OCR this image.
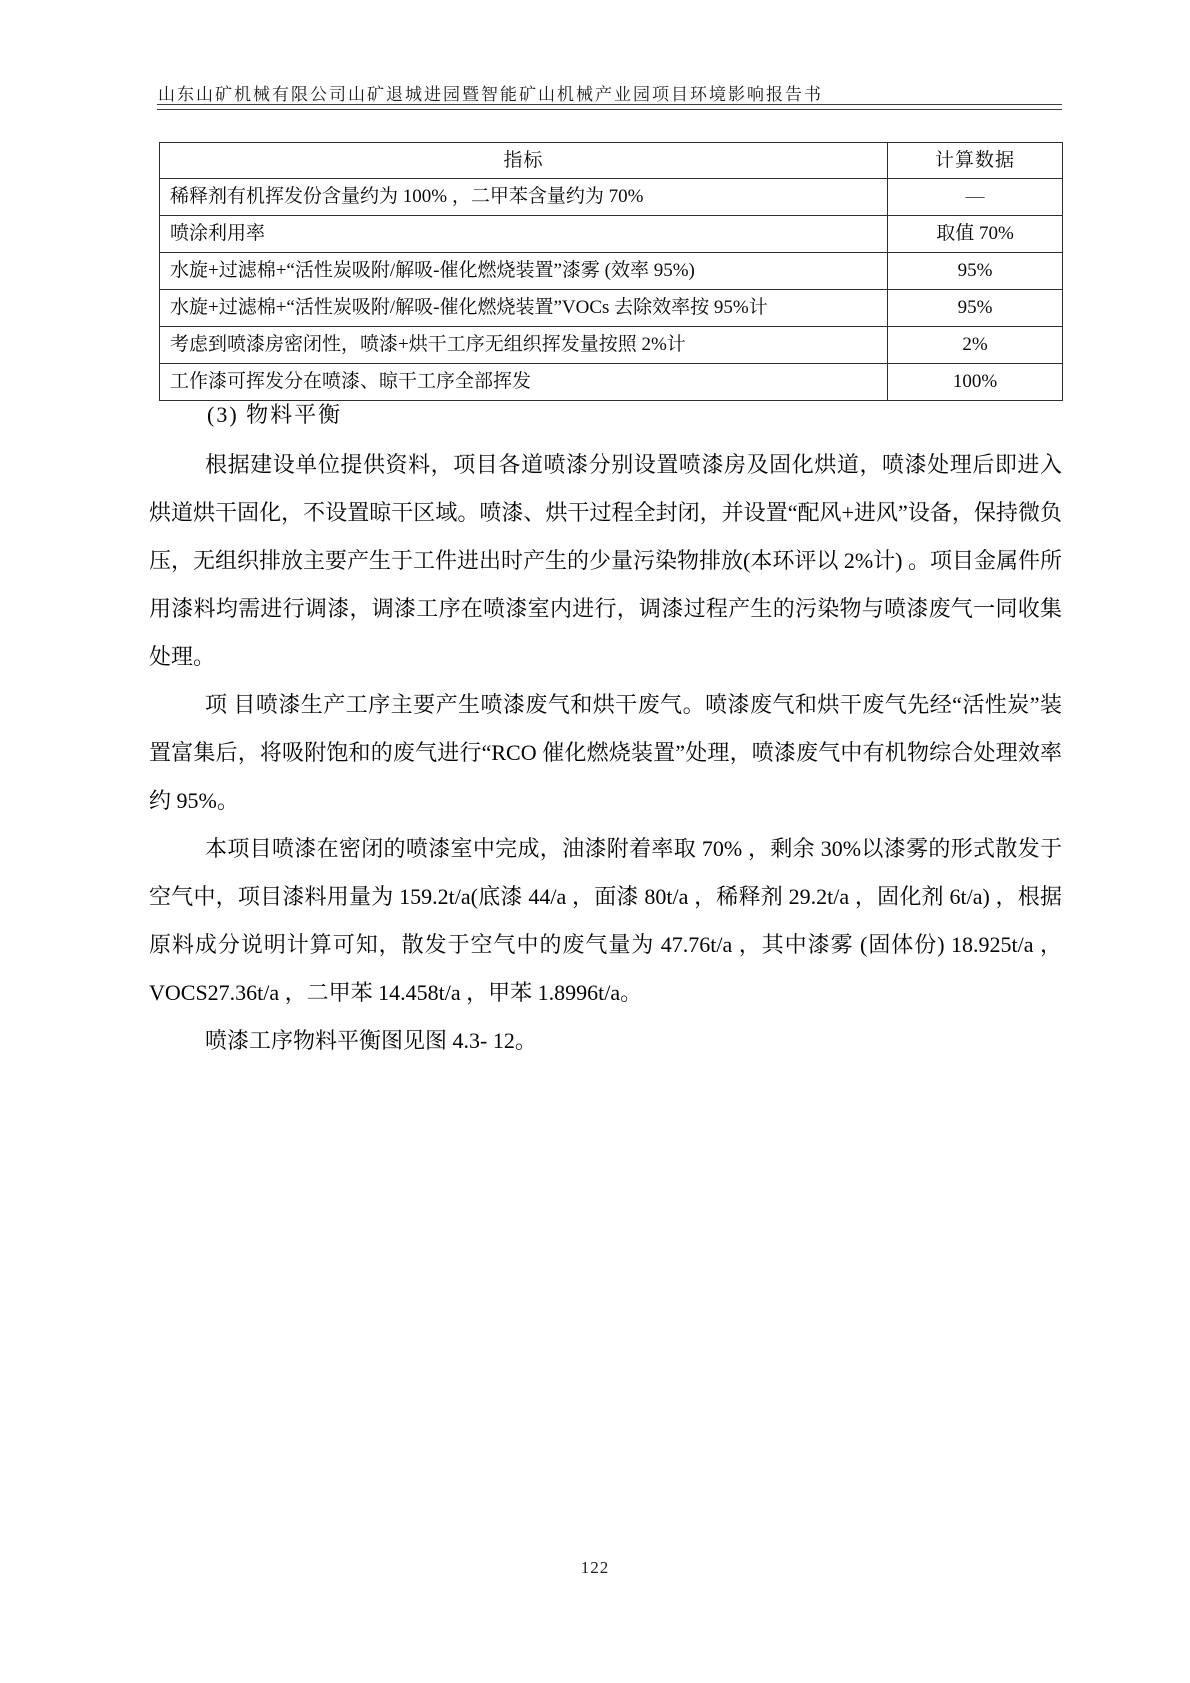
山东山矿机械有限公司山矿退城进园暨智能矿山机械产业园项目环境影响报告书
指标	计算数据
稀释剂有机挥发份含量约为 100% ，二甲苯含量约为 70%	—
喷涂利用率	取值 70%
水旋+过滤棉+“活性炭吸附/解吸-催化燃烧装置”漆雾 (效率 95%)	95%
水旋+过滤棉+“活性炭吸附/解吸-催化燃烧装置”VOCs 去除效率按 95%计	95%
考虑到喷漆房密闭性，喷漆+烘干工序无组织挥发量按照 2%计	2%
工作漆可挥发分在喷漆、晾干工序全部挥发	100%
(3) 物料平衡

根据建设单位提供资料，项目各道喷漆分别设置喷漆房及固化烘道，喷漆处理后即进入烘道烘干固化，不设置晾干区域。喷漆、烘干过程全封闭，并设置“配风+进风”设备，保持微负压，无组织排放主要产生于工件进出时产生的少量污染物排放(本环评以 2%计) 。项目金属件所用漆料均需进行调漆，调漆工序在喷漆室内进行，调漆过程产生的污染物与喷漆废气一同收集处理。

项 目喷漆生产工序主要产生喷漆废气和烘干废气。喷漆废气和烘干废气先经“活性炭”装置富集后，将吸附饱和的废气进行“RCO 催化燃烧装置”处理，喷漆废气中有机物综合处理效率约 95%。

本项目喷漆在密闭的喷漆室中完成，油漆附着率取 70% ，剩余 30%以漆雾的形式散发于空气中，项目漆料用量为 159.2t/a(底漆 44/a ，面漆 80t/a ，稀释剂 29.2t/a ，固化剂 6t/a) ，根据原料成分说明计算可知，散发于空气中的废气量为 47.76t/a ，其中漆雾 (固体份) 18.925t/a ，VOCS27.36t/a ，二甲苯 14.458t/a ，甲苯 1.8996t/a。

喷漆工序物料平衡图见图 4.3- 12。

122
